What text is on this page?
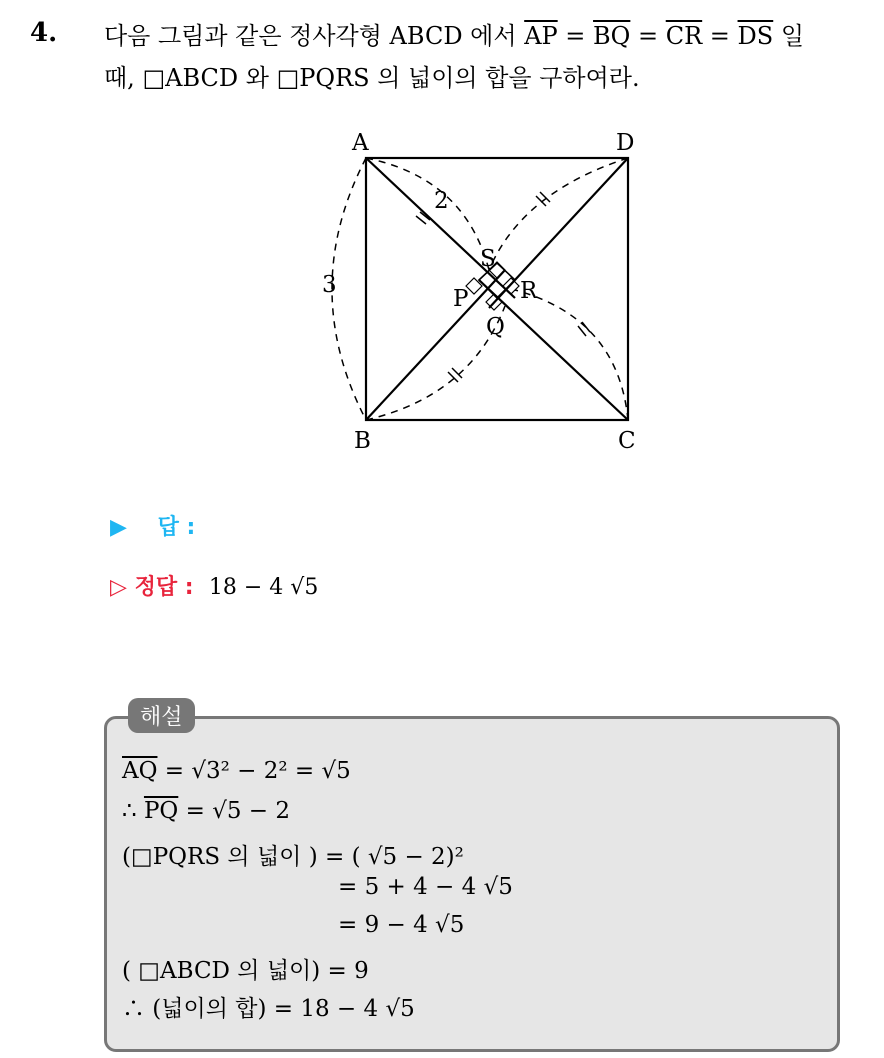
4. 다음 그림과 같은 정사각형 ABCD 에서 $\overline{AP} = \overline{BQ} = \overline{CR} = \overline{DS}$ 일
때, □ABCD 와 □PQRS 의 넓이의 합을 구하여라.
A	D
B	C
S
P R
Q
3
2
▶ 답 :
▷ 정답 : 18 − 4 √5
해설
$\overline{AQ} = √3^2 - 2^2 = √5$
∴ $\overline{PQ} = √5 - 2$
(□PQRS 의 넓이 ) = ( √5 − 2)²
= 5 + 4 − 4 √5
= 9 − 4 √5
( □ABCD 의 넓이) = 9
∴ (넓이의 합) = 18 − 4 √5
